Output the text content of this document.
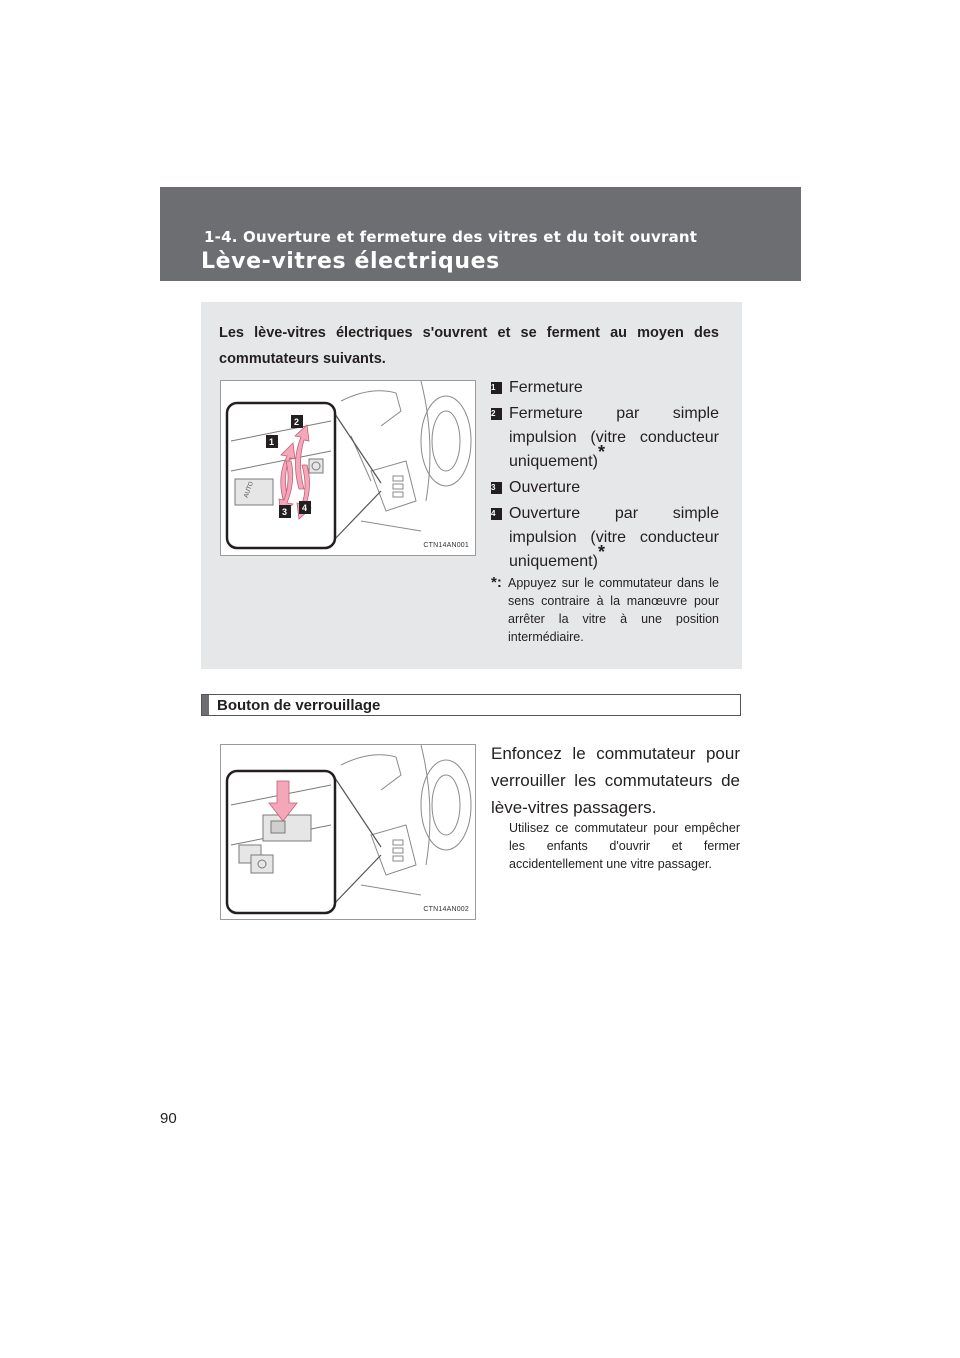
1-4. Ouverture et fermeture des vitres et du toit ouvrant
Lève-vitres électriques
Les lève-vitres électriques s'ouvrent et se ferment au moyen des commutateurs suivants.
AUTO
1
2
3 4
CTN14AN001
1 Fermeture
2 Fermeture par simple impulsion (vitre conducteur uniquement)*
3 Ouverture
4 Ouverture par simple impulsion (vitre conducteur uniquement)*
*: Appuyez sur le commutateur dans le sens contraire à la manœuvre pour arrêter la vitre à une position intermédiaire.
Bouton de verrouillage
CTN14AN002
Enfoncez le commutateur pour verrouiller les commutateurs de lève-vitres passagers.
Utilisez ce commutateur pour empêcher les enfants d'ouvrir et fermer accidentellement une vitre passager.
90
